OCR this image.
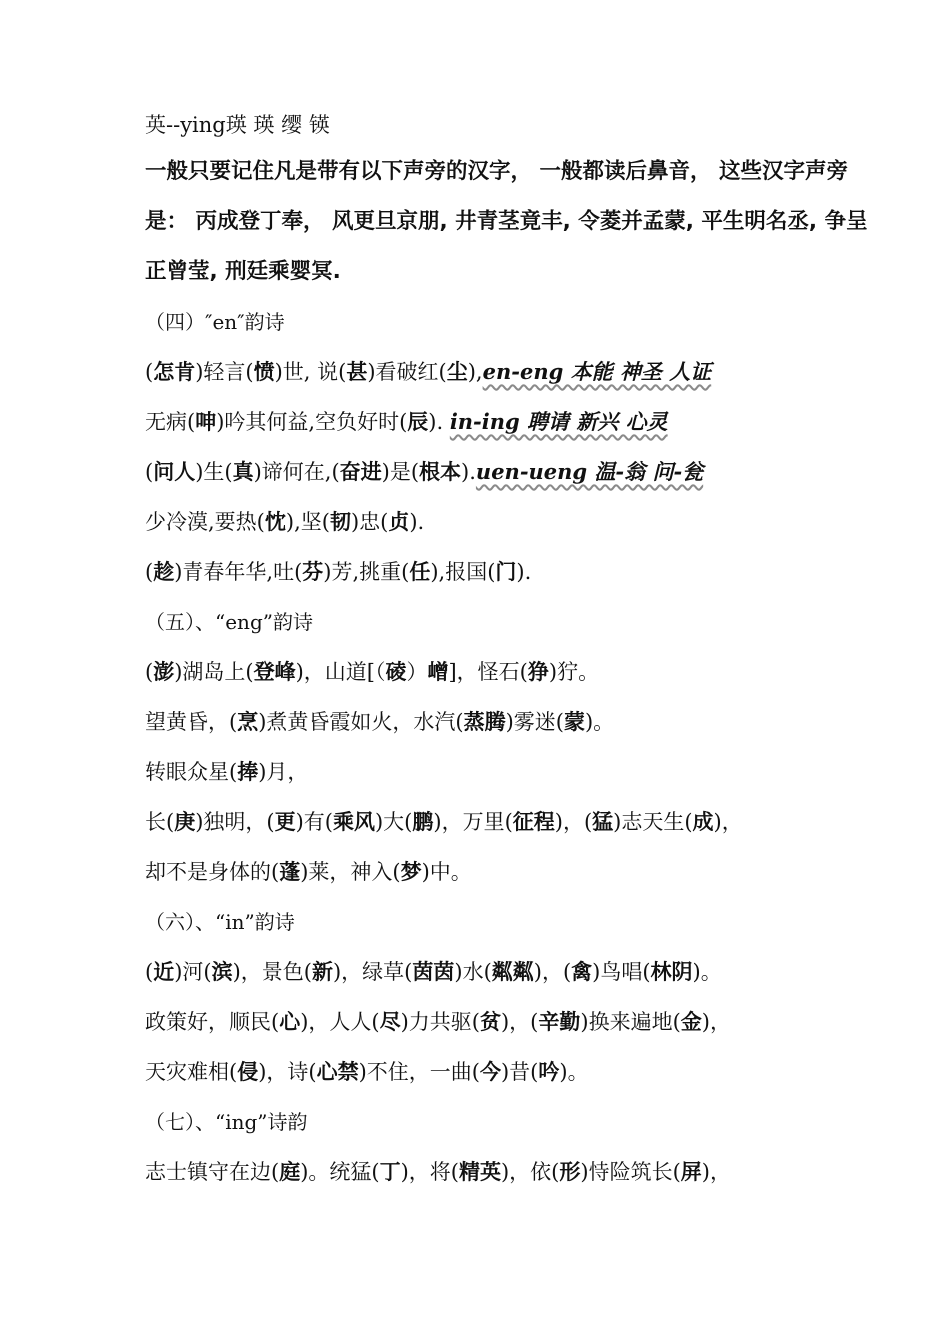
英--ying瑛 瑛 缨 锳
一般只要记住凡是带有以下声旁的汉字， 一般都读后鼻音， 这些汉字声旁
是： 丙成登丁奉， 风更旦京朋, 井青茎竟丰, 令菱并孟蒙, 平生明名丞, 争呈
正曾莹, 刑廷乘婴冥.
（四）″en″韵诗
(怎肯)轻言(愤)世, 说(甚)看破红(尘),en-eng 本能 神圣 人证
无病(呻)吟其何益,空负好时(辰). in-ing 聘请 新兴 心灵
(问人)生(真)谛何在,(奋进)是(根本).uen-ueng 温-翁 问-瓮
少冷漠,要热(忱),坚(韧)忠(贞).
(趁)青春年华,吐(芬)芳,挑重(任),报国(门).
（五）、“eng”韵诗
(澎)湖岛上(登峰)，山道[（碐）嶒]，怪石(狰)狞。
望黄昏，(烹)煮黄昏霞如火，水汽(蒸腾)雾迷(蒙)。
转眼众星(捧)月，
长(庚)独明，(更)有(乘风)大(鹏)，万里(征程)，(猛)志天生(成)，
却不是身体的(蓬)莱，神入(梦)中。
（六）、“in”韵诗
(近)河(滨)，景色(新)，绿草(茵茵)水(粼粼)，(禽)鸟唱(林阴)。
政策好，顺民(心)，人人(尽)力共驱(贫)，(辛勤)换来遍地(金)，
天灾难相(侵)，诗(心禁)不住，一曲(今)昔(吟)。
（七）、“ing”诗韵
志士镇守在边(庭)。统猛(丁)，将(精英)，依(形)恃险筑长(屏)，
